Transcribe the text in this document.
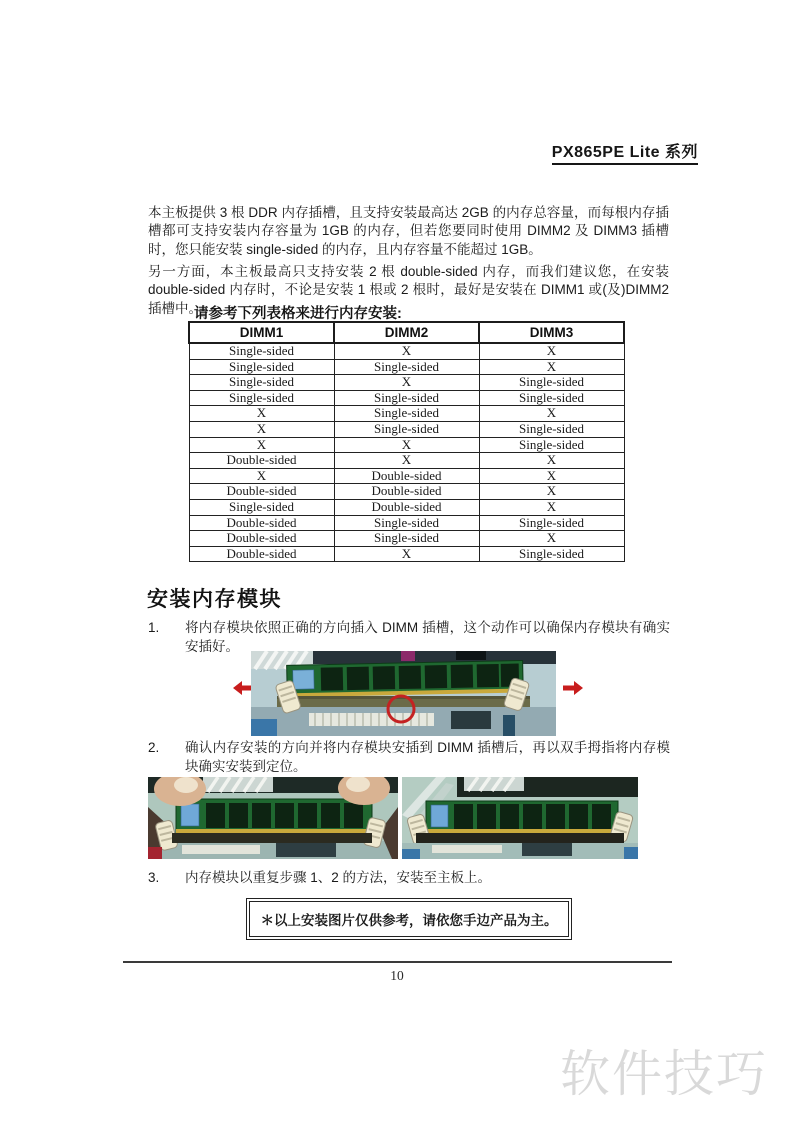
PX865PE Lite 系列

本主板提供 3 根 DDR 内存插槽，且支持安装最高达 2GB 的内存总容量，而每根内存插槽都可支持安装内存容量为 1GB 的内存，但若您要同时使用 DIMM2 及 DIMM3 插槽时，您只能安装 single-sided 的内存，且内存容量不能超过 1GB。

另一方面，本主板最高只支持安装 2 根 double-sided 内存，而我们建议您，在安装 double-sided 内存时，不论是安装 1 根或 2 根时，最好是安装在 DIMM1 或(及)DIMM2 插槽中。

请参考下列表格来进行内存安装:
DIMM1	DIMM2	DIMM3
Single-sided	X	X
Single-sided	Single-sided	X
Single-sided	X	Single-sided
Single-sided	Single-sided	Single-sided
X	Single-sided	X
X	Single-sided	Single-sided
X	X	Single-sided
Double-sided	X	X
X	Double-sided	X
Double-sided	Double-sided	X
Single-sided	Double-sided	X
Double-sided	Single-sided	Single-sided
Double-sided	Single-sided	X
Double-sided	X	Single-sided
安装内存模块
1. 将内存模块依照正确的方向插入 DIMM 插槽，这个动作可以确保内存模块有确实安插好。
2. 确认内存安装的方向并将内存模块安插到 DIMM 插槽后，再以双手拇指将内存模块确实安装到定位。
3. 内存模块以重复步骤 1、2 的方法，安装至主板上。
＊以上安装图片仅供参考，请依您手边产品为主。
10
软件技巧
